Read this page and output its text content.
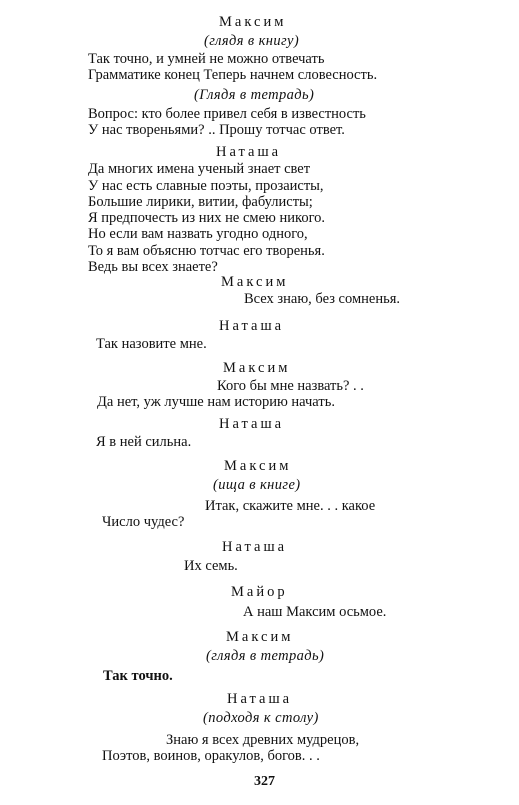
Максим
(глядя в книгу)
Так точно, и умней не можно отвечать
Грамматике конец Теперь начнем словесность.
(Глядя в тетрадь)
Вопрос: кто более привел себя в известность
У нас твореньями? .. Прошу тотчас ответ.
Наташа
Да многих имена ученый знает свет
У нас есть славные поэты, прозаисты,
Большие лирики, витии, фабулисты;
Я предпочесть из них не смею никого.
Но если вам назвать угодно одного,
То я вам объясню тотчас его творенья.
Ведь вы всех знаете?
Максим
Всех знаю, без сомненья.
Наташа
Так назовите мне.
Максим
Кого бы мне назвать? . .
Да нет, уж лучше нам историю начать.
Наташа
Я в ней сильна.
Максим
(ища в книге)
Итак, скажите мне. . . какое
Число чудес?
Наташа
Их семь.
Майор
А наш Максим осьмое.
Максим
(глядя в тетрадь)
Так точно.
Наташа
(подходя к столу)
Знаю я всех древних мудрецов,
Поэтов, воинов, оракулов, богов. . .
327
